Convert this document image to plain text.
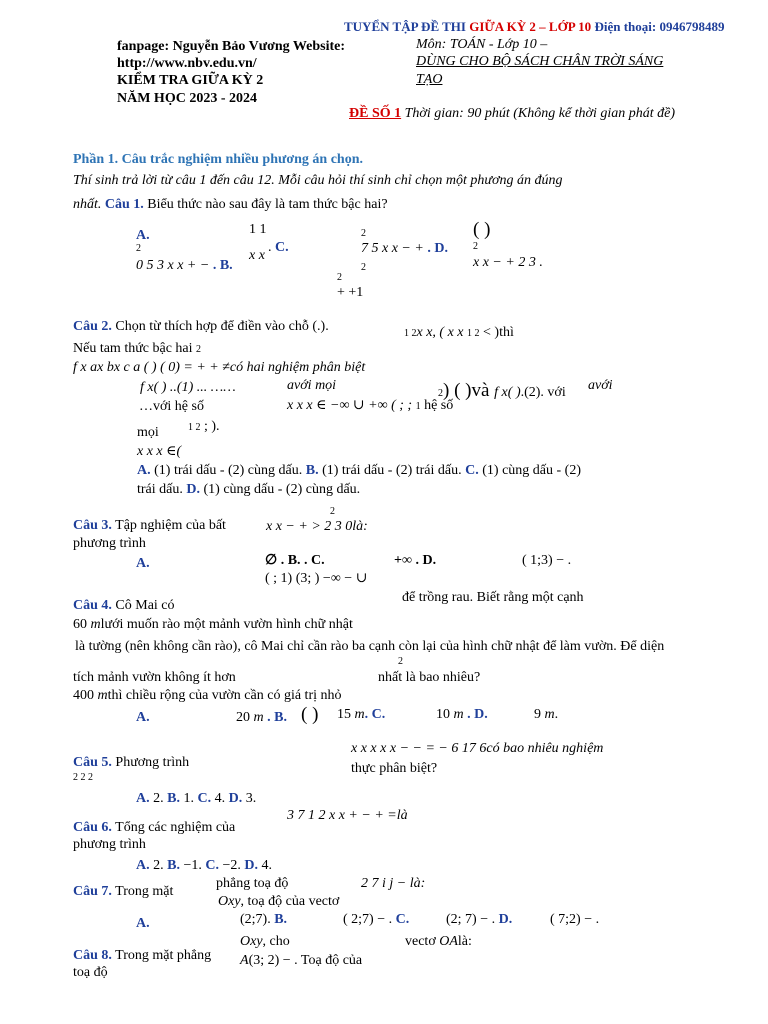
TUYỂN TẬP ĐỀ THI GIỮA KỲ 2 – LỚP 10 Điện thoại: 0946798489
fanpage: Nguyễn Bảo Vương Website:
http://www.nbv.edu.vn/
KIỂM TRA GIỮA KỲ 2
NĂM HỌC 2023 - 2024
Môn: TOÁN - Lớp 10 –
DÙNG CHO BỘ SÁCH CHÂN TRỜI SÁNG
TẠO
ĐỀ SỐ 1 Thời gian: 90 phút (Không kể thời gian phát đề)
Phần 1. Câu trắc nghiệm nhiều phương án chọn.
Thí sinh trả lời từ câu 1 đến câu 12. Mỗi câu hỏi thí sinh chỉ chọn một phương án đúng
nhất. Câu 1. Biểu thức nào sau đây là tam thức bậc hai?
A.
2
0 5 3 x x + − . B.
1 1
x x
. C.
2
7 5 x x − + . D.
( )
2
x x − + 2 3 .
2
2
+ +1
Câu 2. Chọn từ thích hợp để điền vào chỗ (.).	1 2x x, ( x x 1 2 < )thì
Nếu tam thức bậc hai 2
f x ax bx c a ( ) ( 0) = + + ≠có hai nghiệm phân biệt
f x( ) ..(1) ... ……	avới mọi
2) ( )và f x( ).(2). với avới
…với hệ số	x x x ∈ −∞ ∪ +∞ ( ; ; 1 hệ số
mọi	1 2 ; ).
x x x ∈(
A. (1) trái dấu - (2) cùng dấu. B. (1) trái dấu - (2) trái dấu. C. (1) cùng dấu - (2)
trái dấu. D. (1) cùng dấu - (2) cùng dấu.
2
Câu 3. Tập nghiệm của bất	x x − + > 2 3 0là:
phương trình
A.	∅ . B. . C.	+∞ . D.	( 1;3) − .
( ; 1) (3; ) −∞ − ∪
để trồng rau. Biết rằng một cạnh
Câu 4. Cô Mai có
60 mlưới muốn rào một mảnh vườn hình chữ nhật
là tường (nên không cần rào), cô Mai chỉ cần rào ba cạnh còn lại của hình chữ nhật để làm vườn. Để diện
2
tích mảnh vườn không ít hơn	nhất là bao nhiêu?
400 mthì chiều rộng của vườn cần có giá trị nhỏ
A.	20 m . B. ( ) 15 m. C.	10 m . D.	9 m.
x x x x x − − = − 6 17 6có bao nhiêu nghiệm
Câu 5. Phương trình	thực phân biệt?
2 2 2
A. 2. B. 1. C. 4. D. 3.
3 7 1 2 x x + − + =là
Câu 6. Tổng các nghiệm của
phương trình
A. 2. B. −1. C. −2. D. 4.
phẳng toạ độ	2 7 i j − là:
Câu 7. Trong mặt
Oxy, toạ độ của vectơ
A.	(2;7). B.	( 2;7) − . C.	(2; 7) − . D.	( 7;2) − .
Oxy, cho	vectơ OAlà:
Câu 8. Trong mặt phẳng A(3; 2) − . Toạ độ của
toạ độ
